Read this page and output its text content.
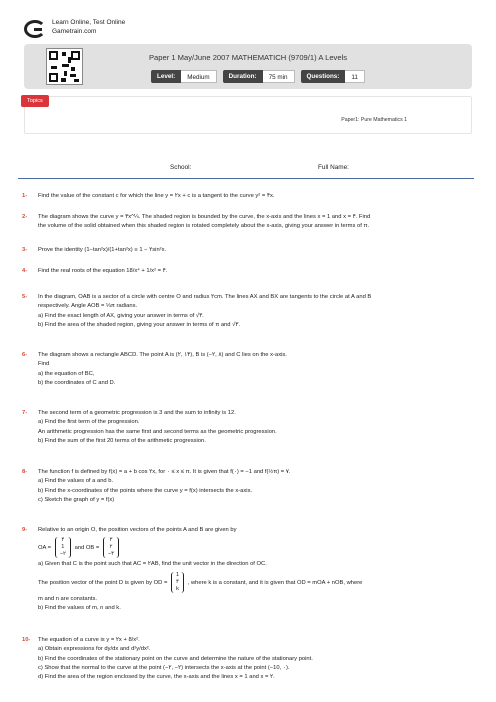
Learn Online, Test Online
Gametrain.com
Paper 1 May/June 2007 MATHEMATICH (9709/1) A Levels
Level:	Medium	Duration:	75 min	Questions:	11
Topics
Paper1: Pure Mathematics 1
School:	Full Name:
1- Find the value of the constant c for which the line y = ۲x + c is a tangent to the curve y² = ۴x.
2- The diagram shows the curve y = ۳x^¼. The shaded region is bounded by the curve, the x-axis and the lines x = 1 and x = ۴. Find
the volume of the solid obtained when this shaded region is rotated completely about the x-axis, giving your answer in terms of π.
3- Prove the identity (1−tan²x)/(1+tan²x) ≡ 1 − ۲sin²x.
4- Find the real roots of the equation 18/x⁴ + 1/x² = ۴.
5- In the diagram, OAB is a sector of a circle with centre O and radius ۲cm. The lines AX and BX are tangents to the circle at A and B
respectively. Angle AOB = ⅓π radians.
a) Find the exact length of AX, giving your answer in terms of √۳.
b) Find the area of the shaded region, giving your answer in terms of π and √۳.
6- The diagram shows a rectangle ABCD. The point A is (۲, ۱۴), B is (−۲, ۸) and C lies on the x-axis.
Find
a) the equation of BC,
b) the coordinates of C and D.
7- The second term of a geometric progression is 3 and the sum to infinity is 12.
a) Find the first term of the progression.
An arithmetic progression has the same first and second terms as the geometric progression.
b) Find the sum of the first 20 terms of the arithmetic progression.
8- The function f is defined by f(x) = a + b cos ۲x, for ۰ ≤ x ≤ π. It is given that f(۰) = −1 and f(½π) = ۷.
a) Find the values of a and b.
b) Find the x-coordinates of the points where the curve y = f(x) intersects the x-axis.
c) Sketch the graph of y = f(x)
9- Relative to an origin O, the position vectors of the points A and B are given by
OA =
۴
1
−۲
and OB =
۳
۲
−۴
a) Given that C is the point such that AC = ۲AB, find the unit vector in the direction of OC.
The position vector of the point D is given by OD =
1
۴
k
, where k is a constant, and it is given that OD = mOA + nOB, where
m and n are constants.
b) Find the values of m, n and k.
10- The equation of a curve is y = ۲x + 8/x².
a) Obtain expressions for dy/dx and d²y/dx².
b) Find the coordinates of the stationary point on the curve and determine the nature of the stationary point.
c) Show that the normal to the curve at the point (−۲, −۲) intersects the x-axis at the point (−10, ۰).
d) Find the area of the region enclosed by the curve, the x-axis and the lines x = 1 and x = ۲.
